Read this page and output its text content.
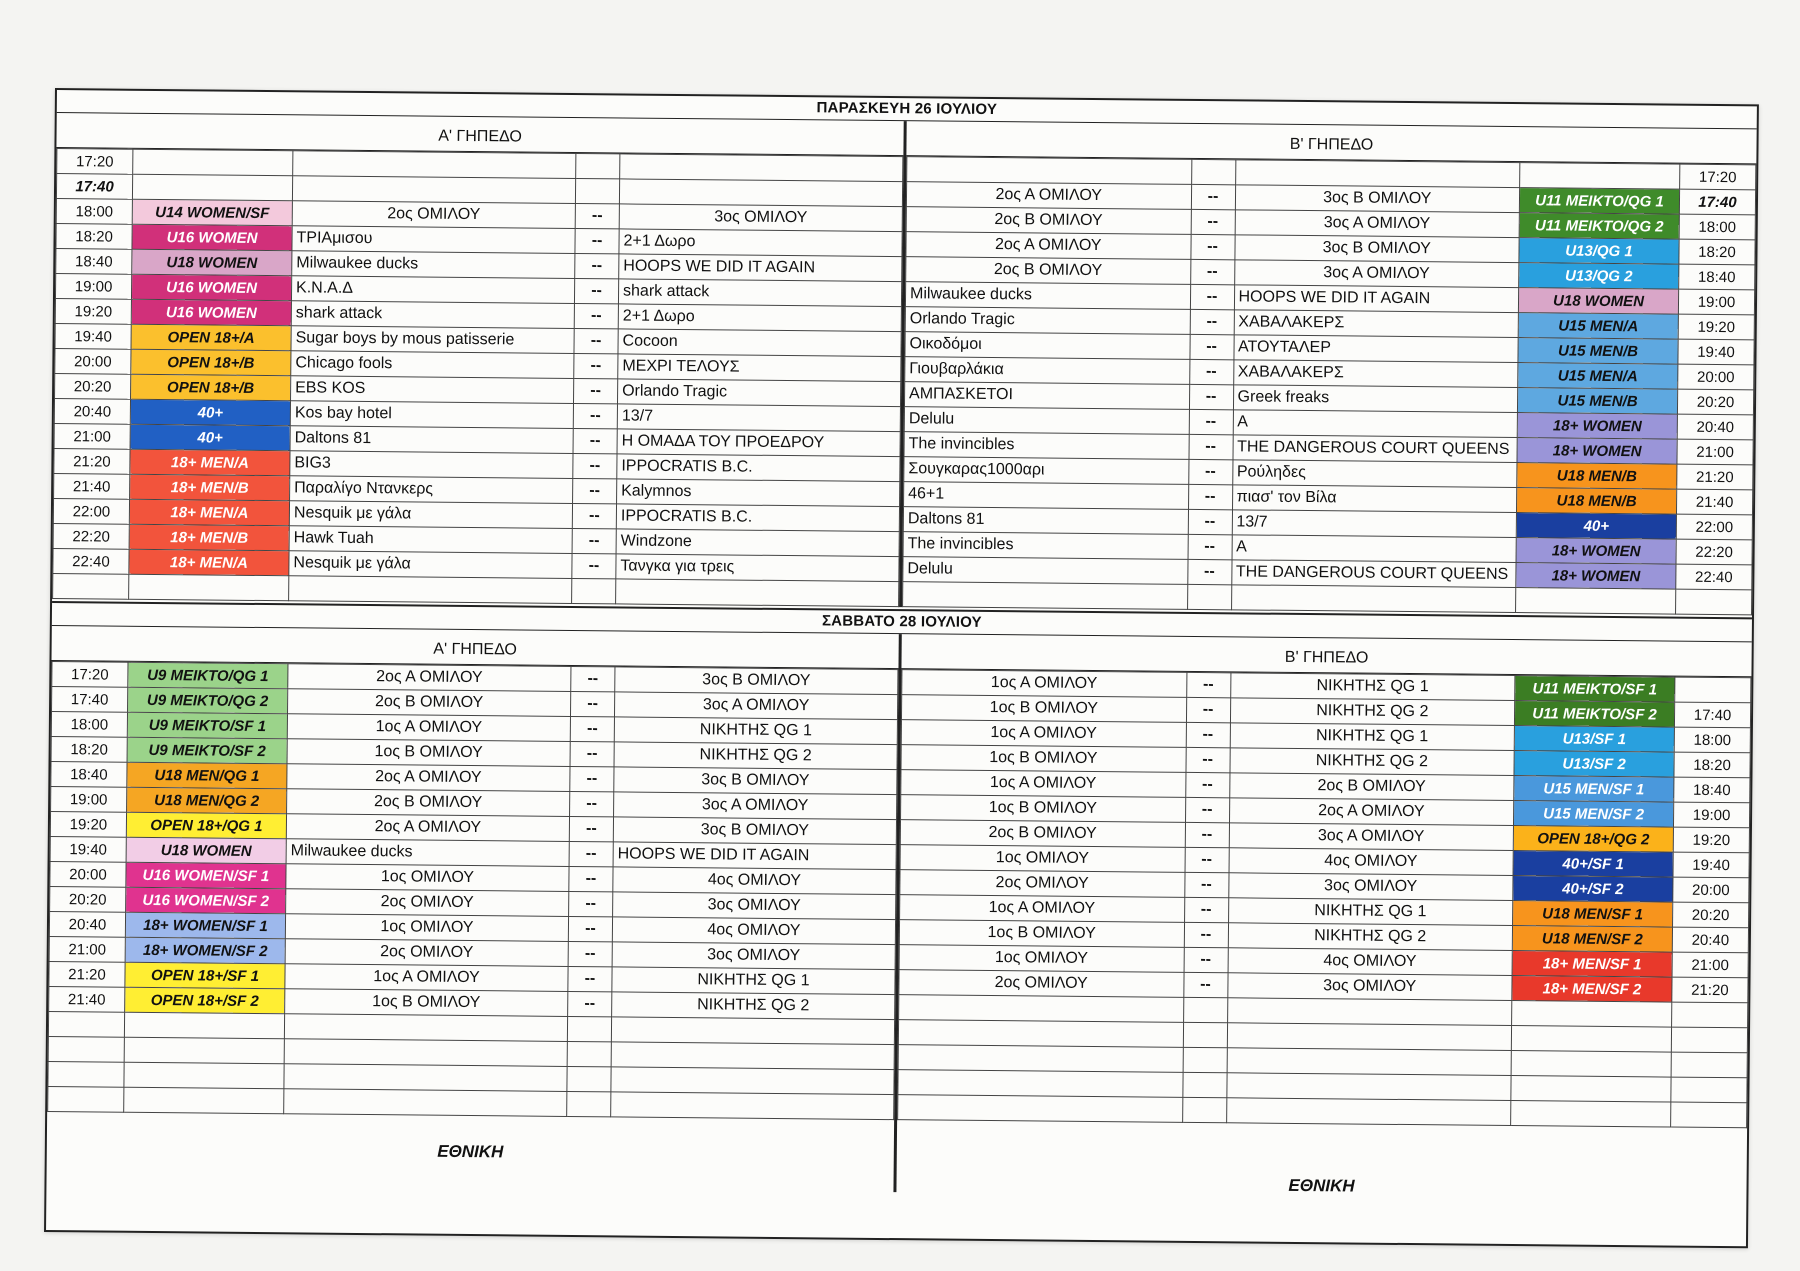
ΠΑΡΑΣΚΕΥΗ 26 ΙΟΥΛΙΟΥ
Α' ΓΗΠΕΔΟ
17:20				
17:40				
18:00	U14 WOMEN/SF	2ος ΟΜΙΛΟΥ	--	3ος ΟΜΙΛΟΥ
18:20	U16 WOMEN	ΤΡΙΑμισου	--	2+1 Δωρο
18:40	U18 WOMEN	Milwaukee ducks	--	HOOPS WE DID IT AGAIN
19:00	U16 WOMEN	Κ.Ν.Α.Δ	--	shark attack
19:20	U16 WOMEN	shark attack	--	2+1 Δωρο
19:40	OPEN 18+/A	Sugar boys by mous patisserie	--	Cocoon
20:00	OPEN 18+/B	Chicago fools	--	ΜΕΧΡΙ ΤΕΛΟΥΣ
20:20	OPEN 18+/B	EBS KOS	--	Orlando Tragic
20:40	40+	Kos bay hotel	--	13/7
21:00	40+	Daltons 81	--	Η ΟΜΑΔΑ ΤΟΥ ΠΡΟΕΔΡΟΥ
21:20	18+ MEN/A	BIG3	--	IPPOCRATIS B.C.
21:40	18+ MEN/B	Παραλίγο Ντανκερς	--	Kalymnos
22:00	18+ MEN/A	Nesquik με γάλα	--	IPPOCRATIS B.C.
22:20	18+ MEN/B	Hawk Tuah	--	Windzone
22:40	18+ MEN/A	Nesquik με γάλα	--	Τανγκα για τρεις

Β' ΓΗΠΕΔΟ
				17:20
2ος Α ΟΜΙΛΟΥ	--	3ος Β ΟΜΙΛΟΥ	U11 ΜΕΙΚΤΟ/QG 1	17:40
2ος Β ΟΜΙΛΟΥ	--	3ος Α ΟΜΙΛΟΥ	U11 ΜΕΙΚΤΟ/QG 2	18:00
2ος Α ΟΜΙΛΟΥ	--	3ος Β ΟΜΙΛΟΥ	U13/QG 1	18:20
2ος Β ΟΜΙΛΟΥ	--	3ος Α ΟΜΙΛΟΥ	U13/QG 2	18:40
Milwaukee ducks	--	HOOPS WE DID IT AGAIN	U18 WOMEN	19:00
Orlando Tragic	--	ΧΑΒΑΛΑΚΕΡΣ	U15 MEN/A	19:20
Οικοδόμοι	--	ΑΤΟΥΤΑΛΕΡ	U15 MEN/B	19:40
Γιουβαρλάκια	--	ΧΑΒΑΛΑΚΕΡΣ	U15 MEN/A	20:00
ΑΜΠΑΣΚΕΤΟΙ	--	Greek freaks	U15 MEN/B	20:20
Delulu	--	A	18+ WOMEN	20:40
The invincibles	--	THE DANGEROUS COURT QUEENS	18+ WOMEN	21:00
Σουγκαρας1000αρι	--	Ρούληδες	U18 MEN/B	21:20
46+1	--	πιασ' τον Βίλα	U18 MEN/B	21:40
Daltons 81	--	13/7	40+	22:00
The invincibles	--	A	18+ WOMEN	22:20
Delulu	--	THE DANGEROUS COURT QUEENS	18+ WOMEN	22:40

ΣΑΒΒΑΤΟ 28 ΙΟΥΛΙΟΥ
Α' ΓΗΠΕΔΟ
17:20	U9 ΜΕΙΚΤΟ/QG 1	2ος Α ΟΜΙΛΟΥ	--	3ος Β ΟΜΙΛΟΥ
17:40	U9 ΜΕΙΚΤΟ/QG 2	2ος Β ΟΜΙΛΟΥ	--	3ος Α ΟΜΙΛΟΥ
18:00	U9 ΜΕΙΚΤΟ/SF 1	1ος Α ΟΜΙΛΟΥ	--	ΝΙΚΗΤΗΣ QG 1
18:20	U9 ΜΕΙΚΤΟ/SF 2	1ος Β ΟΜΙΛΟΥ	--	ΝΙΚΗΤΗΣ QG 2
18:40	U18 MEN/QG 1	2ος Α ΟΜΙΛΟΥ	--	3ος Β ΟΜΙΛΟΥ
19:00	U18 MEN/QG 2	2ος Β ΟΜΙΛΟΥ	--	3ος Α ΟΜΙΛΟΥ
19:20	OPEN 18+/QG 1	2ος Α ΟΜΙΛΟΥ	--	3ος Β ΟΜΙΛΟΥ
19:40	U18 WOMEN	Milwaukee ducks	--	HOOPS WE DID IT AGAIN
20:00	U16 WOMEN/SF 1	1ος ΟΜΙΛΟΥ	--	4ος ΟΜΙΛΟΥ
20:20	U16 WOMEN/SF 2	2ος ΟΜΙΛΟΥ	--	3ος ΟΜΙΛΟΥ
20:40	18+ WOMEN/SF 1	1ος ΟΜΙΛΟΥ	--	4ος ΟΜΙΛΟΥ
21:00	18+ WOMEN/SF 2	2ος ΟΜΙΛΟΥ	--	3ος ΟΜΙΛΟΥ
21:20	OPEN 18+/SF 1	1ος Α ΟΜΙΛΟΥ	--	ΝΙΚΗΤΗΣ QG 1
21:40	OPEN 18+/SF 2	1ος Β ΟΜΙΛΟΥ	--	ΝΙΚΗΤΗΣ QG 2

ΕΘΝΙΚΗ
Β' ΓΗΠΕΔΟ
1ος Α ΟΜΙΛΟΥ	--	ΝΙΚΗΤΗΣ QG 1	U11 ΜΕΙΚΤΟ/SF 1	
1ος Β ΟΜΙΛΟΥ	--	ΝΙΚΗΤΗΣ QG 2	U11 ΜΕΙΚΤΟ/SF 2	17:40
1ος Α ΟΜΙΛΟΥ	--	ΝΙΚΗΤΗΣ QG 1	U13/SF 1	18:00
1ος Β ΟΜΙΛΟΥ	--	ΝΙΚΗΤΗΣ QG 2	U13/SF 2	18:20
1ος Α ΟΜΙΛΟΥ	--	2ος Β ΟΜΙΛΟΥ	U15 MEN/SF 1	18:40
1ος Β ΟΜΙΛΟΥ	--	2ος Α ΟΜΙΛΟΥ	U15 MEN/SF 2	19:00
2ος Β ΟΜΙΛΟΥ	--	3ος Α ΟΜΙΛΟΥ	OPEN 18+/QG 2	19:20
1ος ΟΜΙΛΟΥ	--	4ος ΟΜΙΛΟΥ	40+/SF 1	19:40
2ος ΟΜΙΛΟΥ	--	3ος ΟΜΙΛΟΥ	40+/SF 2	20:00
1ος Α ΟΜΙΛΟΥ	--	ΝΙΚΗΤΗΣ QG 1	U18 MEN/SF 1	20:20
1ος Β ΟΜΙΛΟΥ	--	ΝΙΚΗΤΗΣ QG 2	U18 MEN/SF 2	20:40
1ος ΟΜΙΛΟΥ	--	4ος ΟΜΙΛΟΥ	18+ MEN/SF 1	21:00
2ος ΟΜΙΛΟΥ	--	3ος ΟΜΙΛΟΥ	18+ MEN/SF 2	21:20

ΕΘΝΙΚΗ
